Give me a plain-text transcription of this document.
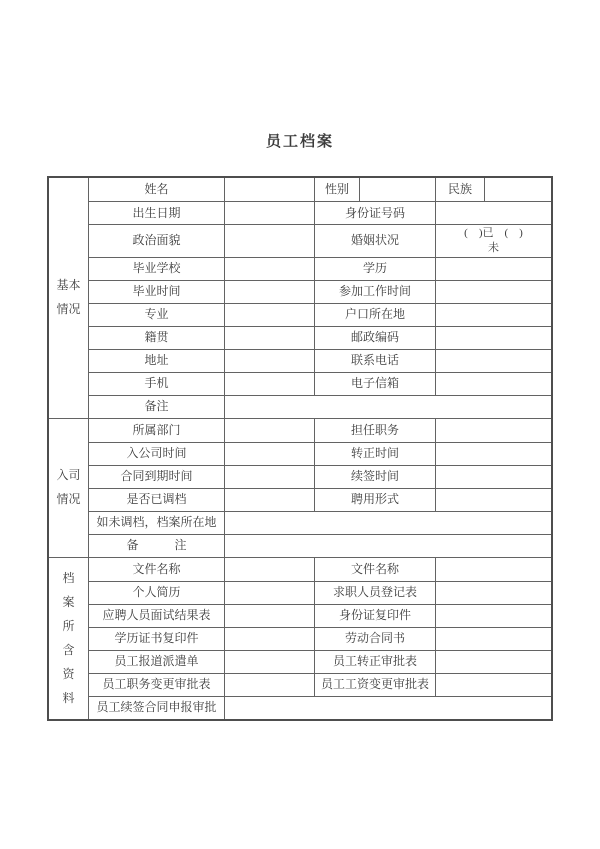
员工档案
基本
情况
姓名	性别	民族
出生日期	身份证号码
政治面貌	婚姻状况
(　)已　(　)
未
毕业学校	学历
毕业时间	参加工作时间
专业	户口所在地
籍贯	邮政编码
地址	联系电话
手机	电子信箱
备注
入司
情况
所属部门	担任职务
入公司时间	转正时间
合同到期时间	续签时间
是否已调档	聘用形式
如未调档，档案所在地
备　　　注
档
案
所
含
资
料
文件名称	文件名称
个人简历	求职人员登记表
应聘人员面试结果表	身份证复印件
学历证书复印件	劳动合同书
员工报道派遣单	员工转正审批表
员工职务变更审批表	员工工资变更审批表
员工续签合同申报审批
